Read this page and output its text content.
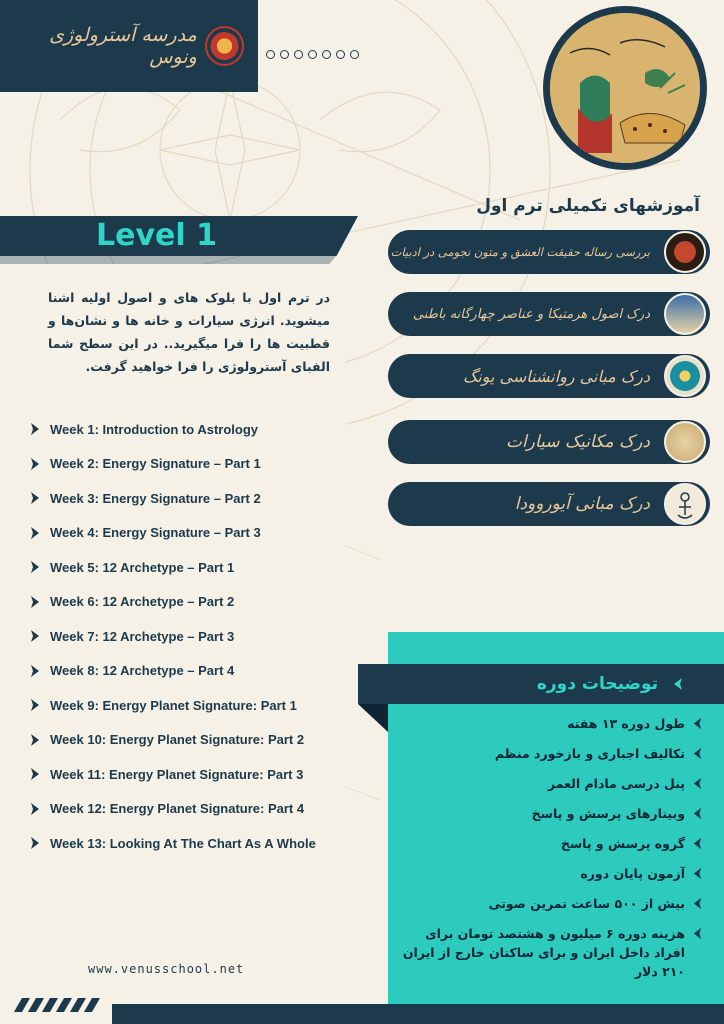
مدرسه آسترولوژی ونوس
آموزشهای تکمیلی ترم اول
بررسی رساله حقیقت العشق و متون نجومی در ادبیات
درک اصول هرمتیکا و عناصر چهارگانه باطنی
درک مبانی روانشناسی یونگ
درک مکانیک سیارات
درک مبانی آیوروودا
Level 1
در ترم اول با بلوک های و اصول اولیه اشنا میشوید. انرژی سیارات و خانه ها و نشان‌ها و قطبیت ها را فرا میگیرید.. در این سطح شما الفبای آسترولوژی را فرا خواهید گرفت.
Week 1: Introduction to Astrology
Week 2: Energy Signature – Part 1
Week 3: Energy Signature – Part 2
Week 4: Energy Signature – Part 3
Week 5: 12 Archetype – Part 1
Week 6: 12 Archetype – Part 2
Week 7: 12 Archetype – Part 3
Week 8: 12 Archetype – Part 4
Week 9: Energy Planet Signature: Part 1
Week 10: Energy Planet Signature: Part 2
Week 11: Energy Planet Signature: Part 3
Week 12: Energy Planet Signature: Part 4
Week 13: Looking At The Chart As A Whole
توضیحات دوره
طول دوره ۱۳ هفته
تکالیف اجباری و بازخورد منظم
پنل درسی مادام العمر
وبینارهای پرسش و پاسخ
گروه پرسش و پاسخ
آزمون پایان دوره
بیش از ۵۰۰ ساعت تمرین صوتی
هزینه دوره ۶ میلیون و هشتصد تومان برای افراد داخل ایران و برای ساکنان خارج از ایران ۲۱۰ دلار
www.venusschool.net
